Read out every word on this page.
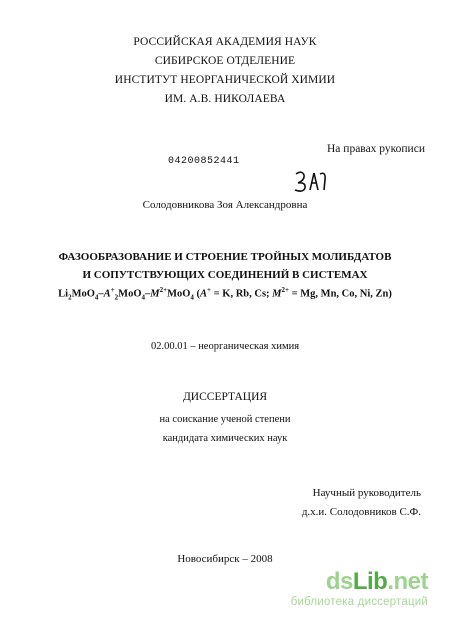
РОССИЙСКАЯ АКАДЕМИЯ НАУК
СИБИРСКОЕ ОТДЕЛЕНИЕ
ИНСТИТУТ НЕОРГАНИЧЕСКОЙ ХИМИИ
ИМ. А.В. НИКОЛАЕВА
На правах рукописи
04200852441
Солодовникова Зоя Александровна
ФАЗООБРАЗОВАНИЕ И СТРОЕНИЕ ТРОЙНЫХ МОЛИБДАТОВ
И СОПУТСТВУЮЩИХ СОЕДИНЕНИЙ В СИСТЕМАХ
$Li_2MoO_4-A^+_2MoO_4-M^{2+}MoO_4$ (A+ = K, Rb, Cs; $M^{2+} = Mg$, Mn, Co, Ni, Zn)
02.00.01 – неорганическая химия
ДИССЕРТАЦИЯ
на соискание ученой степени
кандидата химических наук
Научный руководитель
д.х.и. Солодовников С.Ф.
Новосибирск – 2008
dsLib.net
библиотека диссертаций
